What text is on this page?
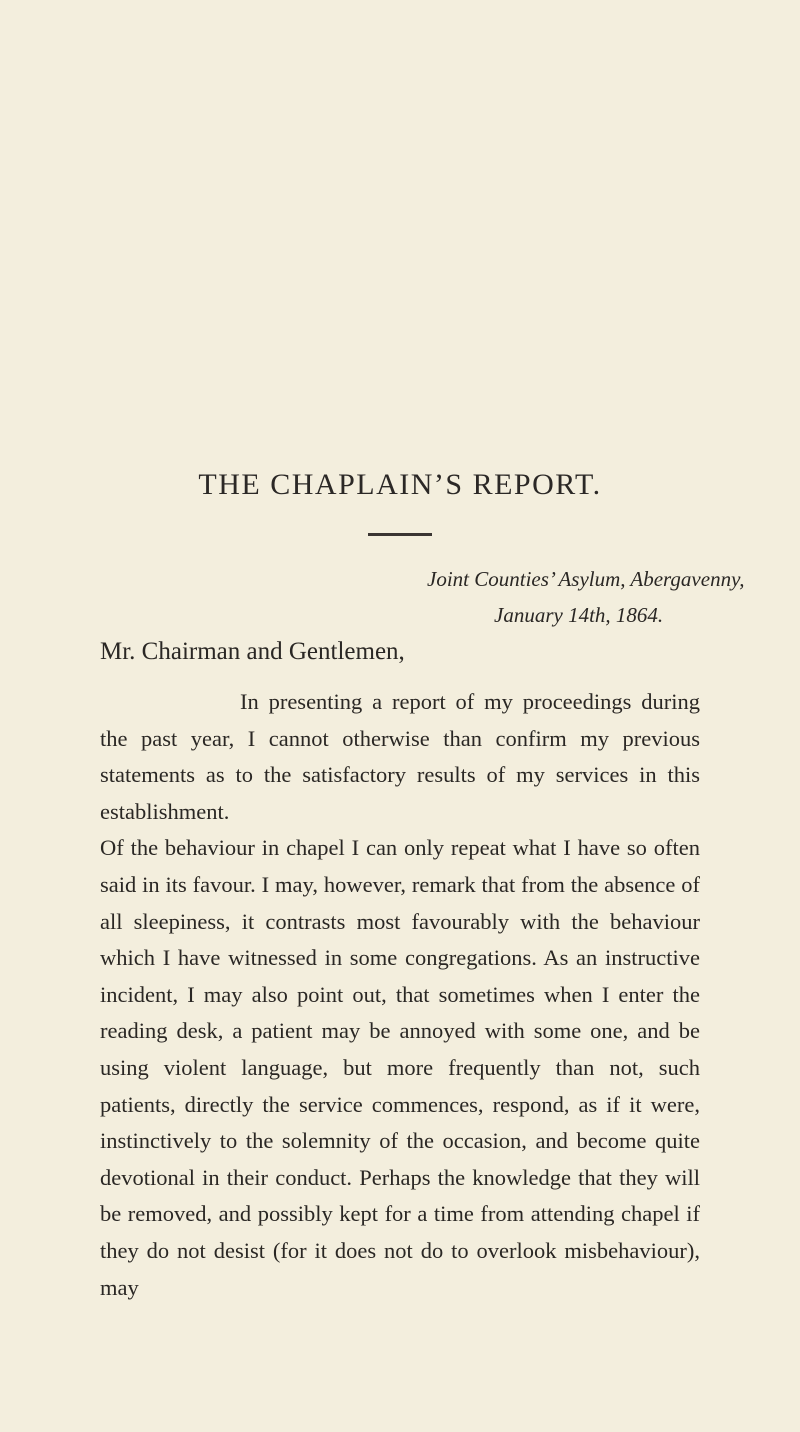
THE CHAPLAIN’S REPORT.
Joint Counties’ Asylum, Abergavenny,
January 14th, 1864.
Mr. Chairman and Gentlemen,

In presenting a report of my proceedings during the past year, I cannot otherwise than confirm my previous statements as to the satisfactory results of my services in this establishment.

Of the behaviour in chapel I can only repeat what I have so often said in its favour. I may, however, remark that from the absence of all sleepiness, it contrasts most favourably with the behaviour which I have witnessed in some congregations. As an instructive incident, I may also point out, that sometimes when I enter the reading desk, a patient may be annoyed with some one, and be using violent language, but more frequently than not, such patients, directly the service commences, respond, as if it were, instinctively to the solemnity of the occasion, and become quite devotional in their conduct. Perhaps the knowledge that they will be removed, and possibly kept for a time from attending chapel if they do not desist (for it does not do to overlook misbehaviour), may
